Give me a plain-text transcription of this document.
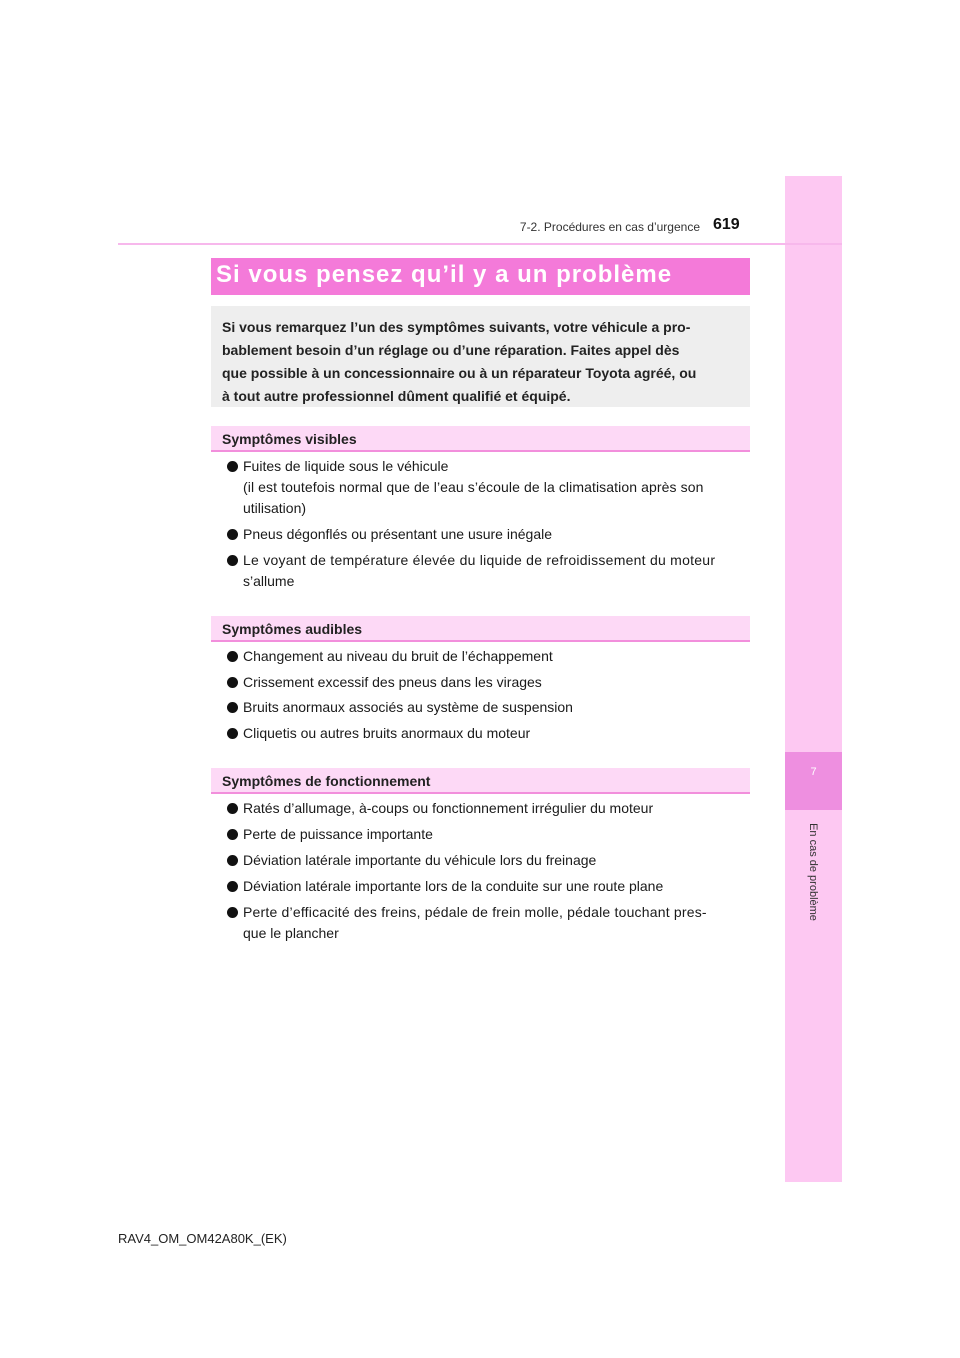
7
En cas de problème
7-2. Procédures en cas d’urgence 619
Si vous pensez qu’il y a un problème
Si vous remarquez l’un des symptômes suivants, votre véhicule a pro-
bablement besoin d’un réglage ou d’une réparation. Faites appel dès
que possible à un concessionnaire ou à un réparateur Toyota agréé, ou
à tout autre professionnel dûment qualifié et équipé.
Symptômes visibles
Fuites de liquide sous le véhicule
(il est toutefois normal que de l’eau s’écoule de la climatisation après son
utilisation)
Pneus dégonflés ou présentant une usure inégale
Le voyant de température élevée du liquide de refroidissement du moteur
s’allume
Symptômes audibles
Changement au niveau du bruit de l’échappement
Crissement excessif des pneus dans les virages
Bruits anormaux associés au système de suspension
Cliquetis ou autres bruits anormaux du moteur
Symptômes de fonctionnement
Ratés d’allumage, à-coups ou fonctionnement irrégulier du moteur
Perte de puissance importante
Déviation latérale importante du véhicule lors du freinage
Déviation latérale importante lors de la conduite sur une route plane
Perte d’efficacité des freins, pédale de frein molle, pédale touchant pres-
que le plancher
RAV4_OM_OM42A80K_(EK)
